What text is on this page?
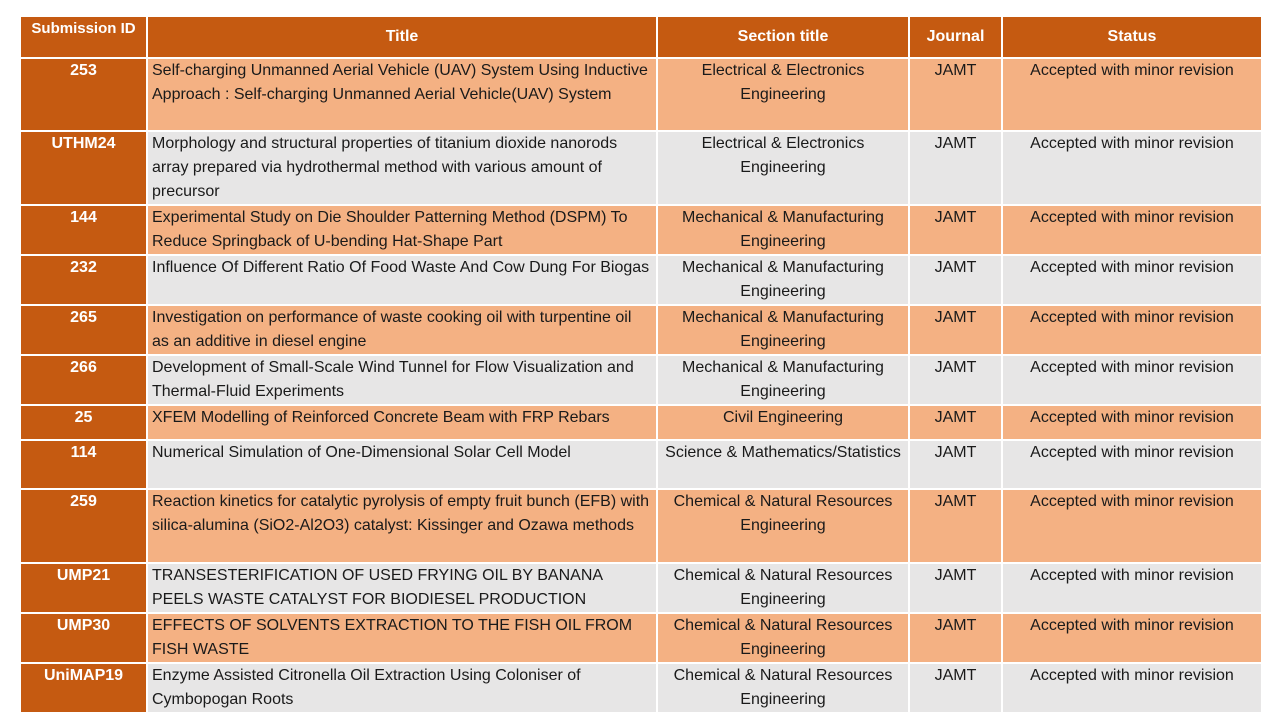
Submission ID	Title	Section title	Journal	Status
253	Self-charging Unmanned Aerial Vehicle (UAV) System Using Inductive Approach : Self-charging Unmanned Aerial Vehicle(UAV) System	Electrical & Electronics Engineering	JAMT	Accepted with minor revision
UTHM24	Morphology and structural properties of titanium dioxide nanorods array prepared via hydrothermal method with various amount of precursor	Electrical & Electronics Engineering	JAMT	Accepted with minor revision
144	Experimental Study on Die Shoulder Patterning Method (DSPM) To Reduce Springback of U-bending Hat-Shape Part	Mechanical & Manufacturing Engineering	JAMT	Accepted with minor revision
232	Influence Of Different Ratio Of Food Waste And Cow Dung For Biogas	Mechanical & Manufacturing Engineering	JAMT	Accepted with minor revision
265	Investigation on performance of waste cooking oil with turpentine oil as an additive in diesel engine	Mechanical & Manufacturing Engineering	JAMT	Accepted with minor revision
266	Development of Small-Scale Wind Tunnel for Flow Visualization and Thermal-Fluid Experiments	Mechanical & Manufacturing Engineering	JAMT	Accepted with minor revision
25	XFEM Modelling of Reinforced Concrete Beam with FRP Rebars	Civil Engineering	JAMT	Accepted with minor revision
114	Numerical Simulation of One-Dimensional Solar Cell Model	Science & Mathematics/Statistics	JAMT	Accepted with minor revision
259	Reaction kinetics for catalytic pyrolysis of empty fruit bunch (EFB) with silica-alumina (SiO2-Al2O3) catalyst: Kissinger and Ozawa methods	Chemical & Natural Resources Engineering	JAMT	Accepted with minor revision
UMP21	TRANSESTERIFICATION OF USED FRYING OIL BY BANANA PEELS WASTE CATALYST FOR BIODIESEL PRODUCTION	Chemical & Natural Resources Engineering	JAMT	Accepted with minor revision
UMP30	EFFECTS OF SOLVENTS EXTRACTION TO THE FISH OIL FROM FISH WASTE	Chemical & Natural Resources Engineering	JAMT	Accepted with minor revision
UniMAP19	Enzyme Assisted Citronella Oil Extraction Using Coloniser of Cymbopogan Roots	Chemical & Natural Resources Engineering	JAMT	Accepted with minor revision
